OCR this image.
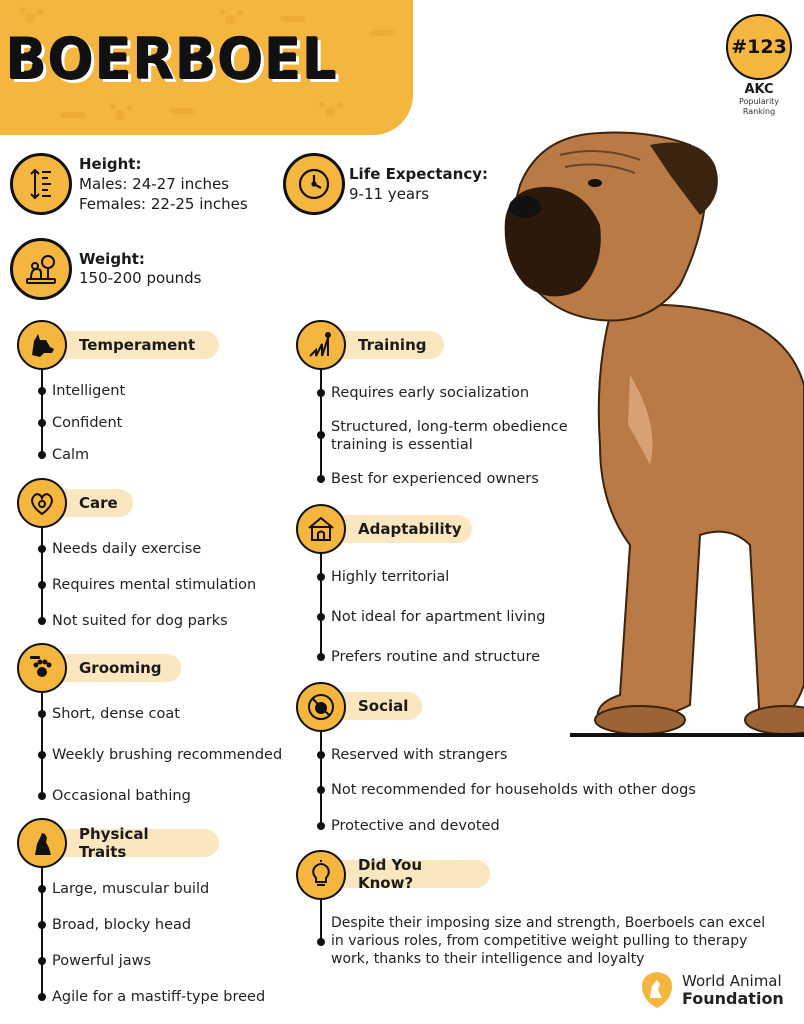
BOERBOEL	#123
AKC
Popularity
Ranking
Height:
Males: 24-27 inches
Females: 22-25 inches
Life Expectancy:
9-11 years
Weight:
150-200 pounds
Temperament
Intelligent
Confident
Calm
Care
Needs daily exercise
Requires mental stimulation
Not suited for dog parks
Grooming
Short, dense coat
Weekly brushing recommended
Occasional bathing
Physical Traits
Large, muscular build
Broad, blocky head
Powerful jaws
Agile for a mastiff-type breed
Training
Requires early socialization
Structured, long-term obedience
training is essential
Best for experienced owners
Adaptability
Highly territorial
Not ideal for apartment living
Prefers routine and structure
Social
Reserved with strangers
Not recommended for households with other dogs
Protective and devoted
Did You Know?
Despite their imposing size and strength, Boerboels can excel
in various roles, from competitive weight pulling to therapy
work, thanks to their intelligence and loyalty
World Animal
Foundation
